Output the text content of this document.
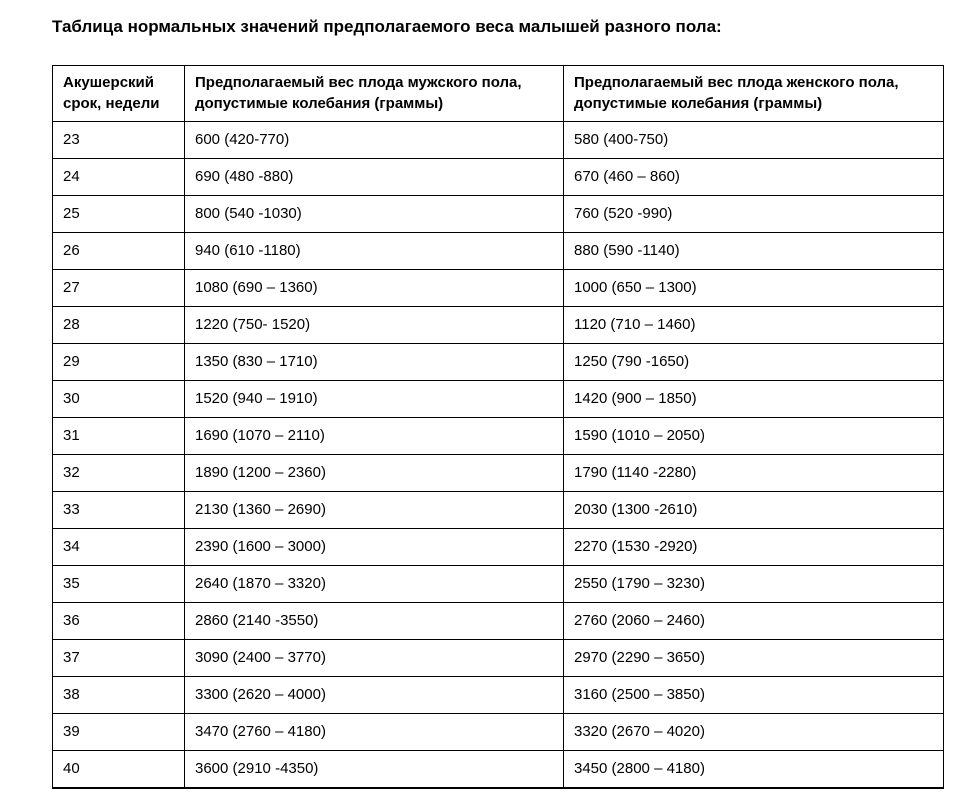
Таблица нормальных значений предполагаемого веса малышей разного пола:

Акушерский срок, недели	Предполагаемый вес плода мужского пола, допустимые колебания (граммы)	Предполагаемый вес плода женского пола, допустимые колебания (граммы)
23	600 (420-770)	580 (400-750)
24	690 (480 -880)	670 (460 – 860)
25	800 (540 -1030)	760 (520 -990)
26	940 (610 -1180)	880 (590 -1140)
27	1080 (690 – 1360)	1000 (650 – 1300)
28	1220 (750- 1520)	1120 (710 – 1460)
29	1350 (830 – 1710)	1250 (790 -1650)
30	1520 (940 – 1910)	1420 (900 – 1850)
31	1690 (1070 – 2110)	1590 (1010 – 2050)
32	1890 (1200 – 2360)	1790 (1140 -2280)
33	2130 (1360 – 2690)	2030 (1300 -2610)
34	2390 (1600 – 3000)	2270 (1530 -2920)
35	2640 (1870 – 3320)	2550 (1790 – 3230)
36	2860 (2140 -3550)	2760 (2060 – 2460)
37	3090 (2400 – 3770)	2970 (2290 – 3650)
38	3300 (2620 – 4000)	3160 (2500 – 3850)
39	3470 (2760 – 4180)	3320 (2670 – 4020)
40	3600 (2910 -4350)	3450 (2800 – 4180)
